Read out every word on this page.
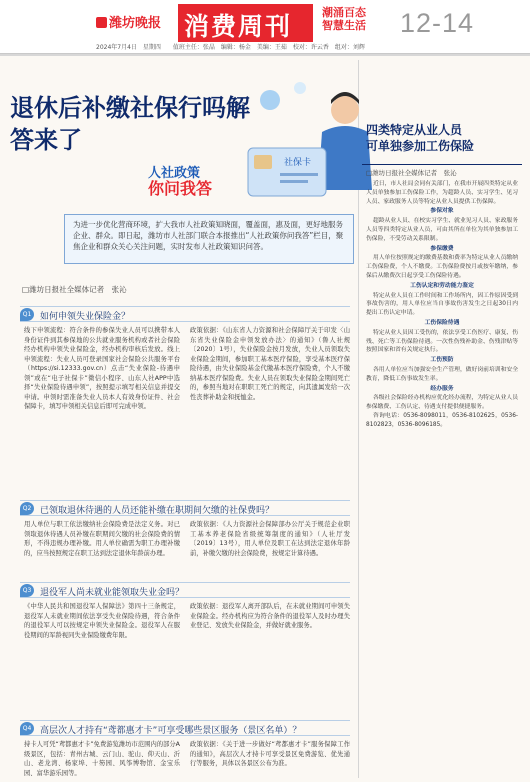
潍坊晚报 消费周刊	潮涌百态 智慧生活	12-14
2024年7月4日　星期四　　值班主任：张晶　编辑：杨金　美编：王茹　校对：许云香　组对：刘辉
退休后补缴社保行吗解答来了
社保卡
人社政策
你问我答
为进一步优化营商环境，扩大我市人社政策知晓面，覆盖面，惠及面，更好地服务企业、群众。即日起，潍坊市人社部门联合本报推出“人社政策你问我答”栏目，聚焦企业和群众关心关注问题，实时发布人社政策知识问答。
□潍坊日报社全媒体记者　张沁
Q1 如何申领失业保险金？
线下申领流程：符合条件的参保失业人员可以携带本人身份证件到其参保地的公共就业服务机构或者社会保险经办机构申领失业保险金，经办机构审核后发放。线上申领流程：失业人员可登录国家社会保险公共服务平台（https://si.12333.gov.cn）点击“失业保险-待遇申领”或在“电子社保卡”微信小程序、山东人社APP中选择“失业保险待遇申领”，按照提示填写相关信息并提交申请。申领时需准备失业人员本人有效身份证件、社会保障卡，填写申领相关信息后即可完成申领。
政策依据：《山东省人力资源和社会保障厅关于印发〈山东省失业保险金申领发放办法〉的通知》（鲁人社规〔2020〕1号），失业保险金按月发放，失业人员领取失业保险金期间，参加职工基本医疗保险，享受基本医疗保险待遇，由失业保险基金代缴基本医疗保险费，个人不缴纳基本医疗保险费。失业人员在领取失业保险金期间死亡的，参照当地对在职职工死亡的规定，向其遗属发给一次性丧葬补助金和抚恤金。
Q2 已领取退休待遇的人员还能补缴在职期间欠缴的社保费吗？
用人单位与职工依法缴纳社会保险费是法定义务。对已领取退休待遇人员补缴在职期间欠缴的社会保险费的情形，不得违规办理补缴。用人单位确需为职工办理补缴的，应当按照规定在职工达到法定退休年龄前办理。
政策依据：《人力资源社会保障部办公厅关于规范企业职工基本养老保险省级统筹制度的通知》（人社厅发〔2019〕13号），用人单位及职工在达到法定退休年龄前，补缴欠缴的社会保险费，按规定计算待遇。
Q3 退役军人尚未就业能领取失业金吗？
《中华人民共和国退役军人保障法》第四十三条规定，退役军人未就业期间依法享受失业保险待遇，符合条件的退役军人可以按规定申领失业保险金。退役军人在服役期间的军龄视同失业保险缴费年限。
政策依据：退役军人离开部队后，在未就业期间可申领失业保险金。经办机构应为符合条件的退役军人及时办理失业登记、发放失业保险金，并做好就业服务。
Q4 高层次人才持有“鸢都惠才卡”可享受哪些景区服务（景区名单）？
持卡人可凭“鸢都惠才卡”免费游览潍坊市范围内的部分A级景区，包括：青州古城、云门山、驼山、仰天山、沂山、老龙湾、杨家埠、十笏园、风筝博物馆、金宝乐园、富华游乐园等。
政策依据：《关于进一步做好“鸢都惠才卡”服务保障工作的通知》，高层次人才持卡可享受景区免费游览、优先通行等服务，具体以各景区公布为准。
四类特定从业人员
可单独参加工伤保险
□潍坊日报社全媒体记者　张沁

近日，市人社局会同有关部门，在我市开展四类特定从业人员单独参加工伤保险工作，为超龄人员、实习学生、见习人员、家政服务人员等特定从业人员提供工伤保障。

参保对象

超龄从业人员、在校实习学生、就业见习人员、家政服务人员等四类特定从业人员，可由其所在单位为其单独参加工伤保险，不受劳动关系限制。

参保缴费

用人单位按照规定的缴费基数和费率为特定从业人员缴纳工伤保险费，个人不缴费。工伤保险费按月或按年缴纳，参保后从缴费次日起享受工伤保险待遇。

工伤认定和劳动能力鉴定

特定从业人员在工作时间和工作场所内，因工作原因受到事故伤害的，用人单位应当自事故伤害发生之日起30日内提出工伤认定申请。

工伤保险待遇

特定从业人员因工受伤的，依法享受工伤医疗、康复、伤残、死亡等工伤保险待遇。一次性伤残补助金、伤残津贴等按照国家和省有关规定执行。

工伤预防

各用人单位应当加强安全生产管理，做好岗前培训和安全教育，降低工伤事故发生率。

经办服务

各级社会保险经办机构应优化经办流程，为特定从业人员参保缴费、工伤认定、待遇支付提供便捷服务。

咨询电话：0536-8098011，0536-8102625，0536-8102823，0536-8096185。
